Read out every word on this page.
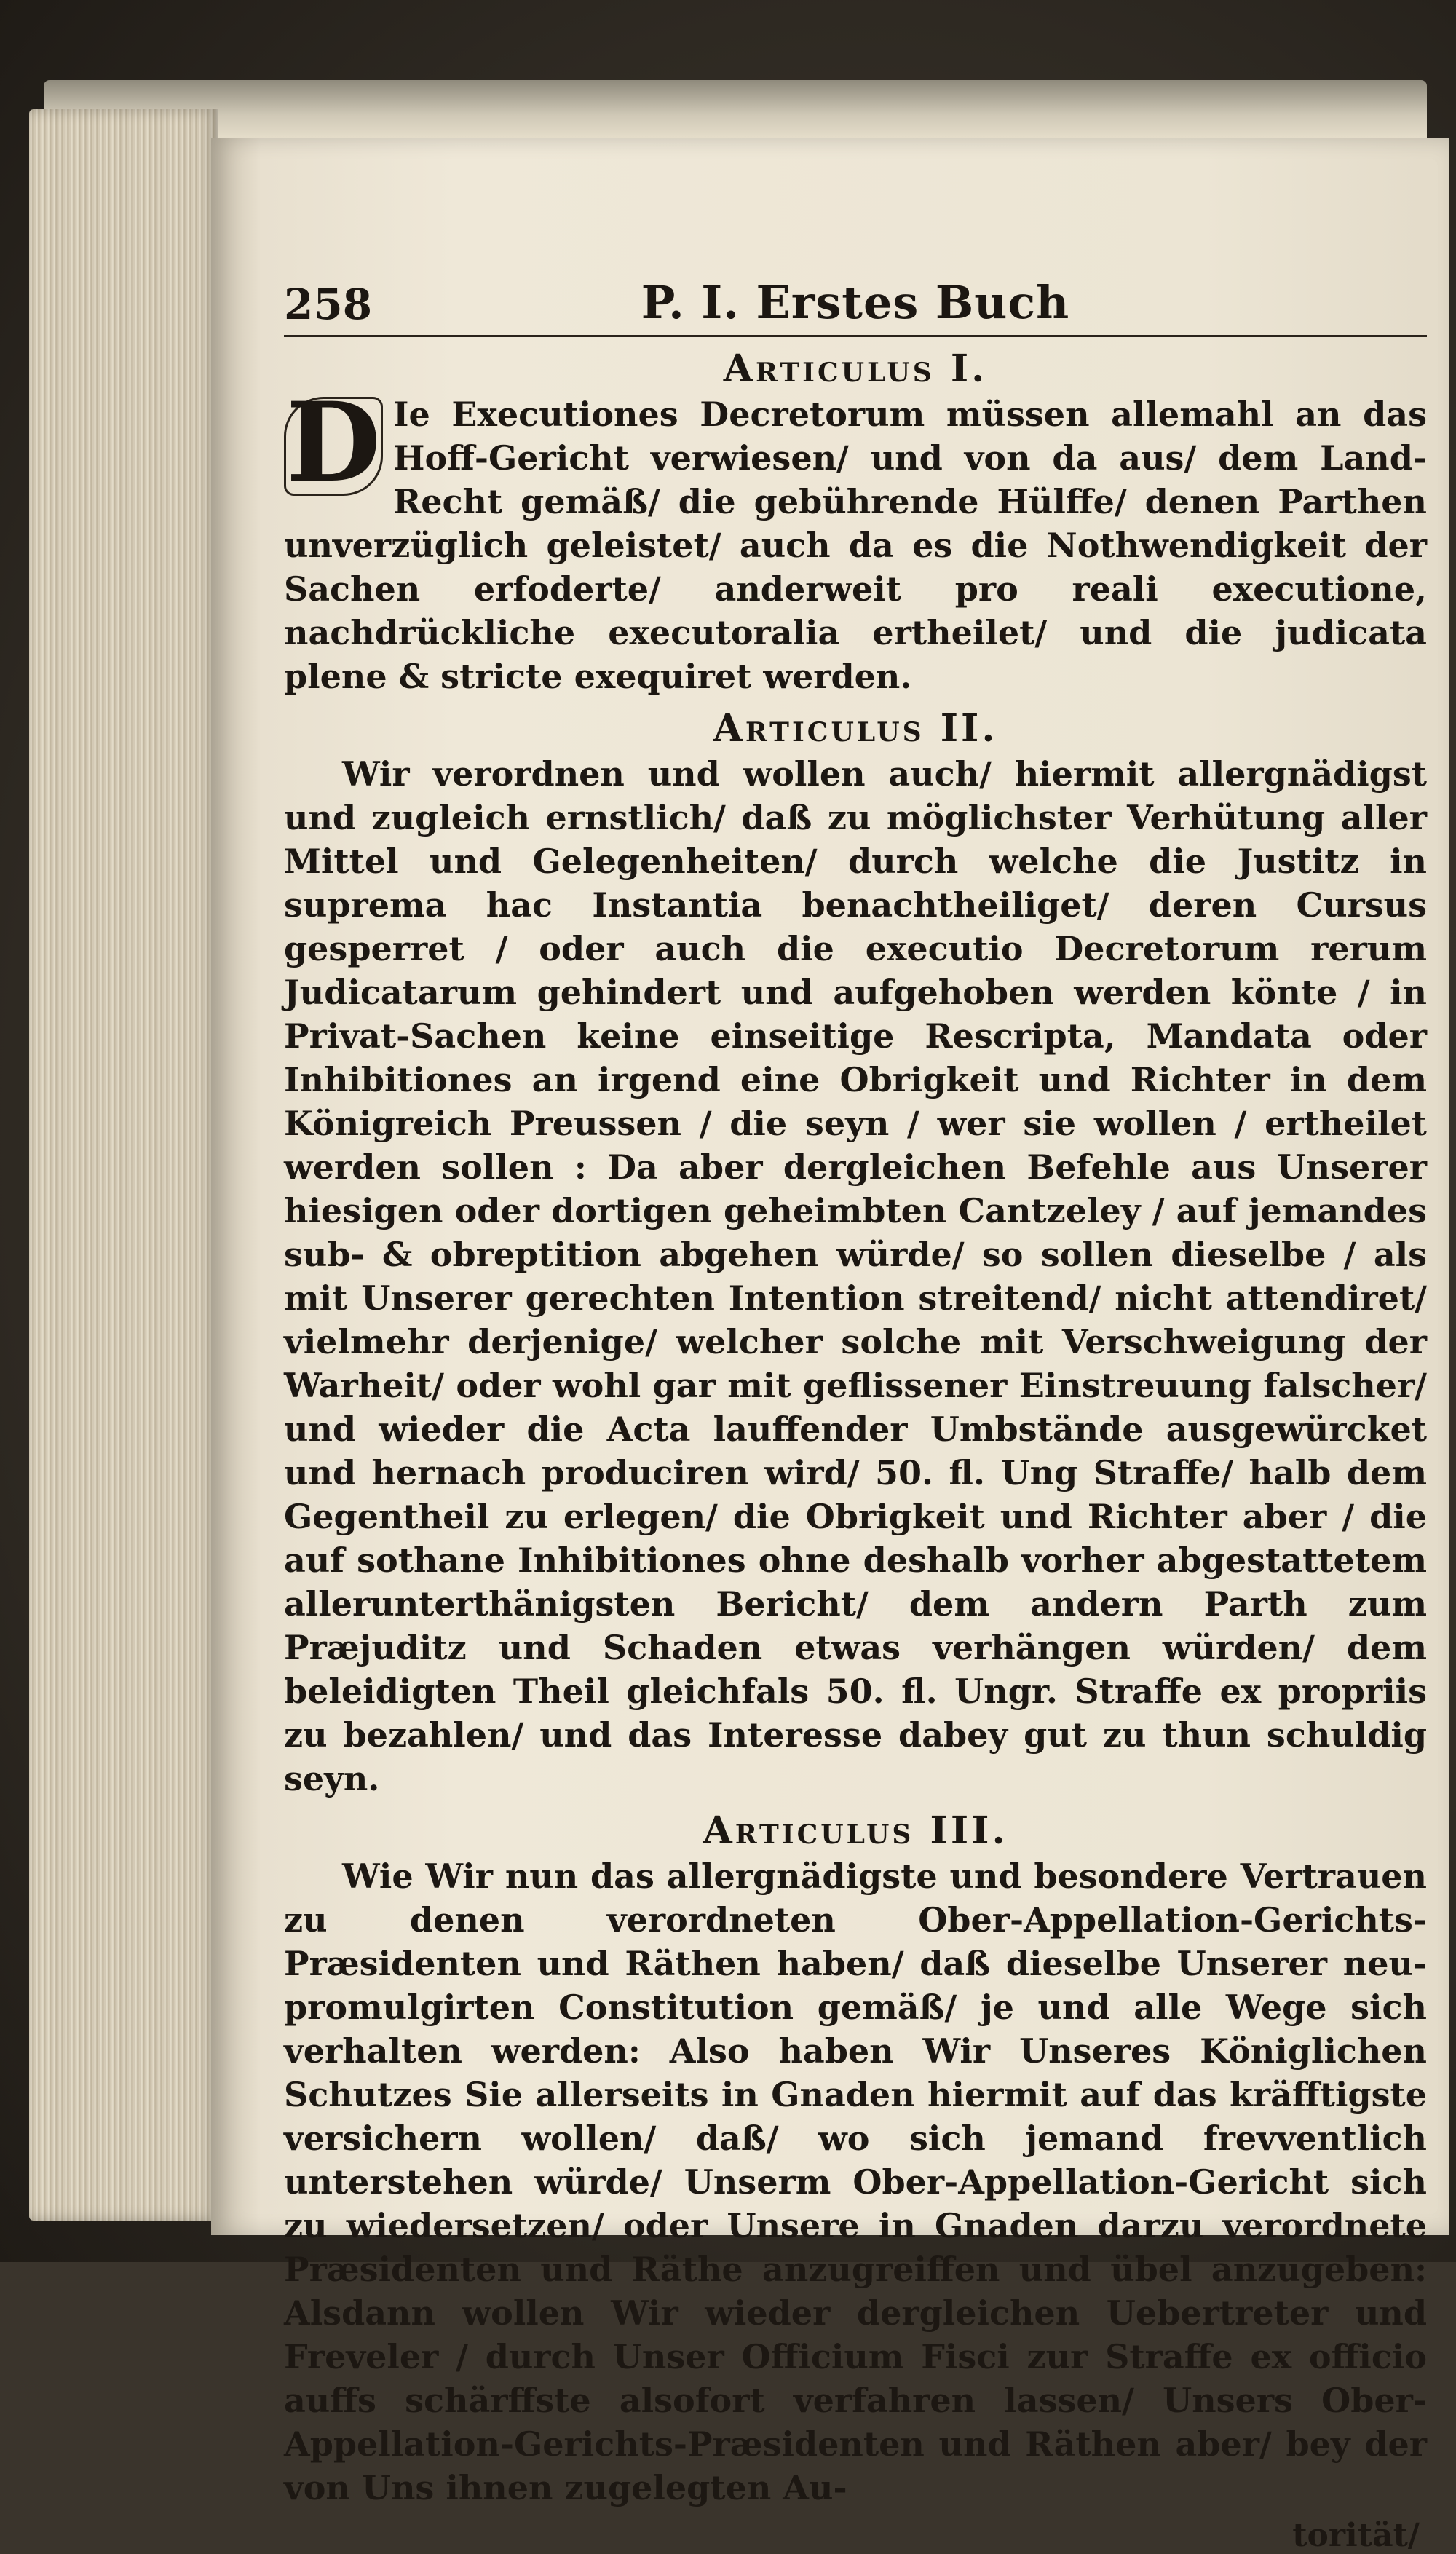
258	P. I. Erstes Buch
Articulus I.

D Ie Executiones Decretorum müssen allemahl an das Hoff-Gericht verwiesen/ und von da aus/ dem Land-Recht gemäß/ die gebührende Hülffe/ denen Parthen unverzüglich geleistet/ auch da es die Nothwendigkeit der Sachen erfoderte/ anderweit pro reali executione, nachdrückliche executoralia ertheilet/ und die judicata plene & stricte exequiret werden.

Articulus II.

Wir verordnen und wollen auch/ hiermit allergnädigst und zugleich ernstlich/ daß zu möglichster Verhütung aller Mittel und Gelegenheiten/ durch welche die Justitz in suprema hac Instantia benachtheiliget/ deren Cursus gesperret / oder auch die executio Decretorum rerum Judicatarum gehindert und aufgehoben werden könte / in Privat-Sachen keine einseitige Rescripta, Mandata oder Inhibitiones an irgend eine Obrigkeit und Richter in dem Königreich Preussen / die seyn / wer sie wollen / ertheilet werden sollen : Da aber dergleichen Befehle aus Unserer hiesigen oder dortigen geheimbten Cantzeley / auf jemandes sub- & obreptition abgehen würde/ so sollen dieselbe / als mit Unserer gerechten Intention streitend/ nicht attendiret/ vielmehr derjenige/ welcher solche mit Verschweigung der Warheit/ oder wohl gar mit geflissener Einstreuung falscher/ und wieder die Acta lauffender Umbstände ausgewürcket und hernach produciren wird/ 50. fl. Ung Straffe/ halb dem Gegentheil zu erlegen/ die Obrigkeit und Richter aber / die auf sothane Inhibitiones ohne deshalb vorher abgestattetem allerunterthänigsten Bericht/ dem andern Parth zum Præjuditz und Schaden etwas verhängen würden/ dem beleidigten Theil gleichfals 50. fl. Ungr. Straffe ex propriis zu bezahlen/ und das Interesse dabey gut zu thun schuldig seyn.

Articulus III.

Wie Wir nun das allergnädigste und besondere Vertrauen zu denen verordneten Ober-Appellation-Gerichts-Præsidenten und Räthen haben/ daß dieselbe Unserer neu-promulgirten Constitution gemäß/ je und alle Wege sich verhalten werden: Also haben Wir Unseres Königlichen Schutzes Sie allerseits in Gnaden hiermit auf das kräfftigste versichern wollen/ daß/ wo sich jemand frevventlich unterstehen würde/ Unserm Ober-Appellation-Gericht sich zu wiedersetzen/ oder Unsere in Gnaden darzu verordnete Præsidenten und Räthe anzugreiffen und übel anzugeben: Alsdann wollen Wir wieder dergleichen Uebertreter und Freveler / durch Unser Officium Fisci zur Straffe ex officio auffs schärffste alsofort verfahren lassen/ Unsers Ober-Appellation-Gerichts-Præsidenten und Räthen aber/ bey der von Uns ihnen zugelegten Au-

torität/
